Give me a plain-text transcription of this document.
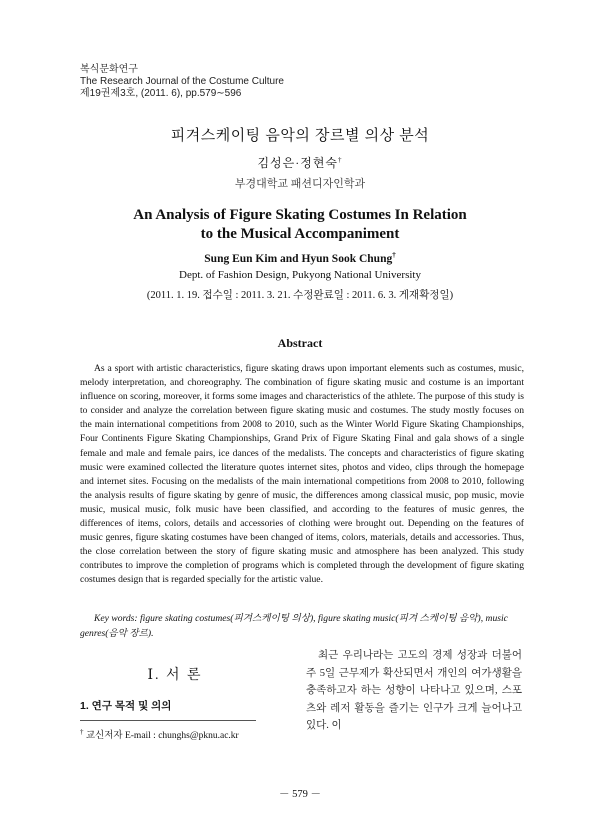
복식문화연구
The Research Journal of the Costume Culture
제19권제3호, (2011. 6), pp.579∼596
피겨스케이팅 음악의 장르별 의상 분석
김성은·정현숙†
부경대학교 패션디자인학과
An Analysis of Figure Skating Costumes In Relation
to the Musical Accompaniment
Sung Eun Kim and Hyun Sook Chung†
Dept. of Fashion Design, Pukyong National University
(2011. 1. 19. 접수일 : 2011. 3. 21. 수정완료일 : 2011. 6. 3. 게재확정일)
Abstract
As a sport with artistic characteristics, figure skating draws upon important elements such as costumes, music, melody interpretation, and choreography. The combination of figure skating music and costume is an important influence on scoring, moreover, it forms some images and characteristics of the athlete. The purpose of this study is to consider and analyze the correlation between figure skating music and costumes. The study mostly focuses on the main international competitions from 2008 to 2010, such as the Winter World Figure Skating Championships, Four Continents Figure Skating Championships, Grand Prix of Figure Skating Final and gala shows of a single female and male and female pairs, ice dances of the medalists. The concepts and characteristics of figure skating music were examined collected the literature quotes internet sites, photos and video, clips through the homepage and internet sites. Focusing on the medalists of the main international competitions from 2008 to 2010, following the analysis results of figure skating by genre of music, the differences among classical music, pop music, movie music, musical music, folk music have been classified, and according to the features of music genres, the differences of items, colors, details and accessories of clothing were brought out. Depending on the features of music genres, figure skating costumes have been changed of items, colors, materials, details and accessories. Thus, the close correlation between the story of figure skating music and atmosphere has been analyzed. This study contributes to improve the completion of programs which is completed through the development of figure skating costumes design that is regarded specially for the artistic value.
Key words: figure skating costumes(피겨스케이팅 의상), figure skating music(피겨 스케이팅 음악), music genres(음악 장르).
Ⅰ. 서 론
1. 연구 목적 및 의의
최근 우리나라는 고도의 경제 성장과 더불어 주 5일 근무제가 확산되면서 개인의 여가생활을 충족하고자 하는 성향이 나타나고 있으며, 스포츠와 레저 활동을 즐기는 인구가 크게 늘어나고 있다. 이
† 교신저자 E-mail : chunghs@pknu.ac.kr
－ 579 －
